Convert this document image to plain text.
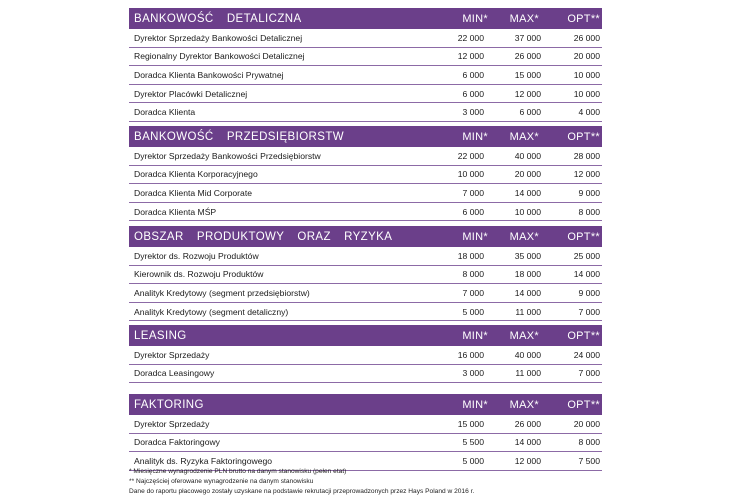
BANKOWOŚĆ  DETALICZNA	MIN*	MAX*	OPT**
Dyrektor Sprzedaży Bankowości Detalicznej	22 000	37 000	26 000
Regionalny Dyrektor Bankowości Detalicznej	12 000	26 000	20 000
Doradca Klienta Bankowości Prywatnej	6 000	15 000	10 000
Dyrektor Placówki Detalicznej	6 000	12 000	10 000
Doradca Klienta	3 000	6 000	4 000
BANKOWOŚĆ  PRZEDSIĘBIORSTW	MIN*	MAX*	OPT**
Dyrektor Sprzedaży Bankowości Przedsiębiorstw	22 000	40 000	28 000
Doradca Klienta Korporacyjnego	10 000	20 000	12 000
Doradca Klienta Mid Corporate	7 000	14 000	9 000
Doradca Klienta MŚP	6 000	10 000	8 000
OBSZAR  PRODUKTOWY  ORAZ  RYZYKA	MIN*	MAX*	OPT**
Dyrektor ds. Rozwoju Produktów	18 000	35 000	25 000
Kierownik ds. Rozwoju Produktów	8 000	18 000	14 000
Analityk Kredytowy (segment przedsiębiorstw)	7 000	14 000	9 000
Analityk Kredytowy (segment detaliczny)	5 000	11 000	7 000
LEASING	MIN*	MAX*	OPT**
Dyrektor Sprzedaży	16 000	40 000	24 000
Doradca Leasingowy	3 000	11 000	7 000
FAKTORING	MIN*	MAX*	OPT**
Dyrektor Sprzedaży	15 000	26 000	20 000
Doradca Faktoringowy	5 500	14 000	8 000
Analityk ds. Ryzyka Faktoringowego	5 000	12 000	7 500
* Miesięczne wynagrodzenie PLN brutto na danym stanowisku (pełen etat)
** Najczęściej oferowane wynagrodzenie na danym stanowisku
Dane do raportu płacowego zostały uzyskane na podstawie rekrutacji przeprowadzonych przez Hays Poland w 2016 r.
